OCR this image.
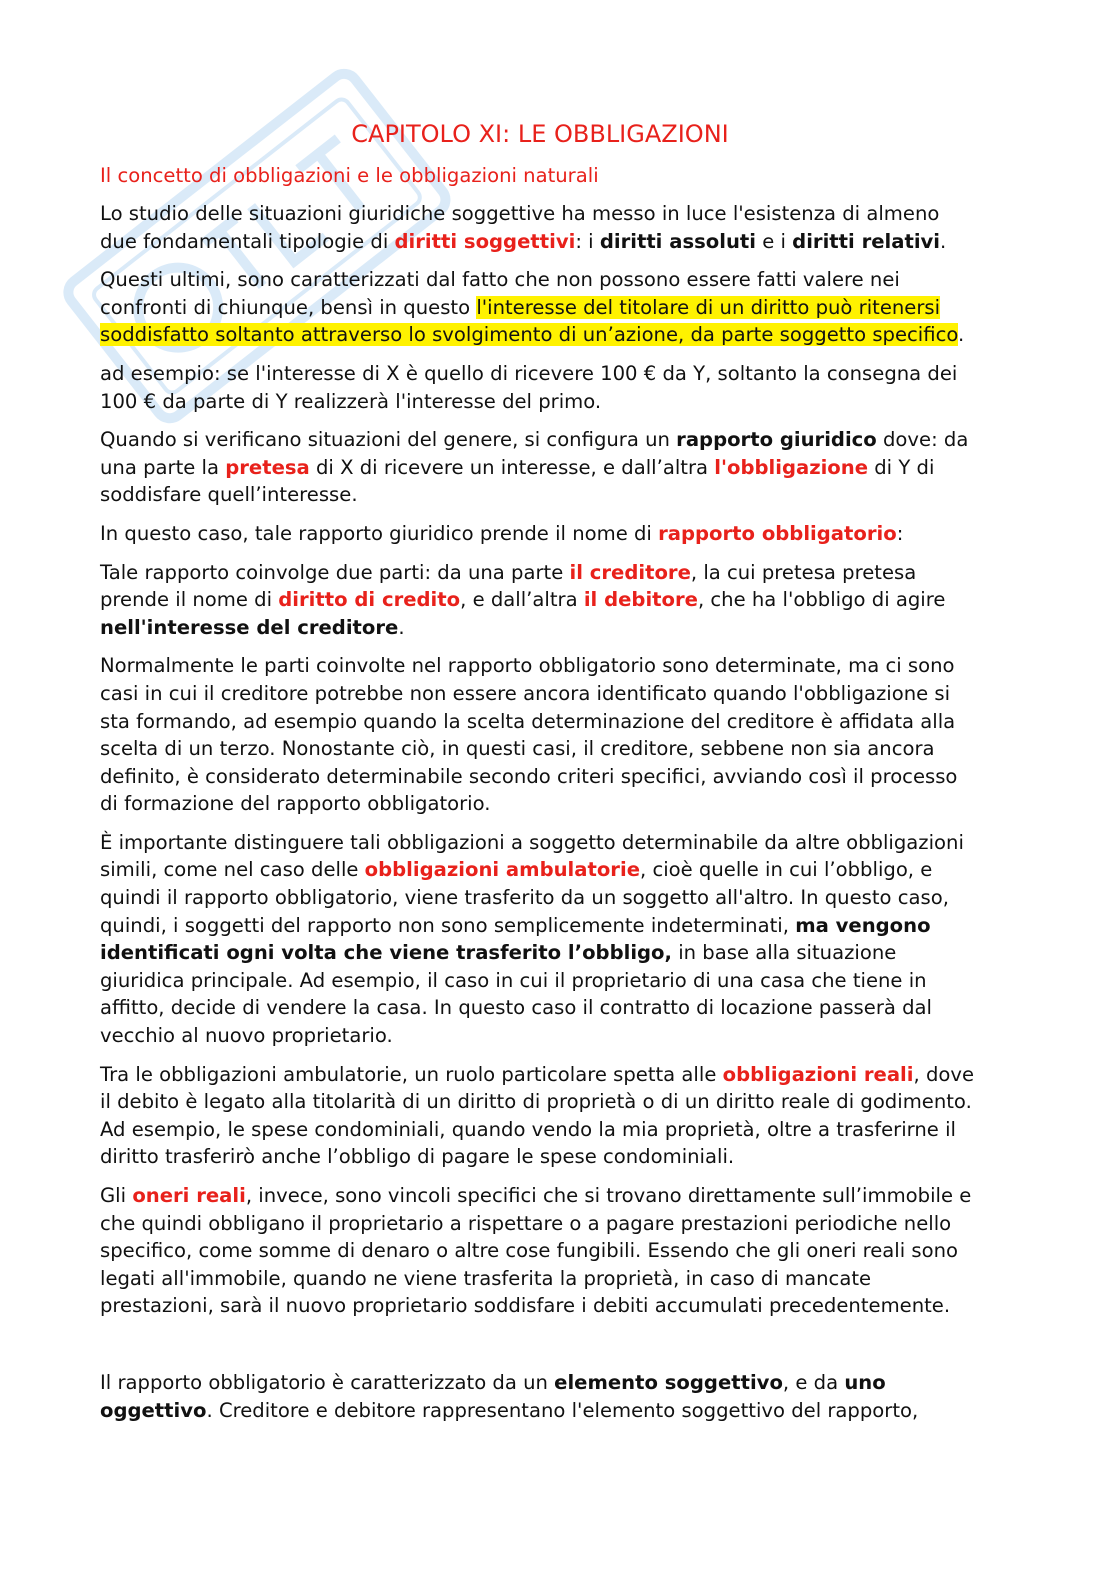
CAPITOLO XI: LE OBBLIGAZIONI
Il concetto di obbligazioni e le obbligazioni naturali

Lo studio delle situazioni giuridiche soggettive ha messo in luce l'esistenza di almeno due fondamentali tipologie di diritti soggettivi: i diritti assoluti e i diritti relativi.

Questi ultimi, sono caratterizzati dal fatto che non possono essere fatti valere nei confronti di chiunque, bensì in questo l'interesse del titolare di un diritto può ritenersi soddisfatto soltanto attraverso lo svolgimento di un’azione, da parte soggetto specifico.

ad esempio: se l'interesse di X è quello di ricevere 100 € da Y, soltanto la consegna dei 100 € da parte di Y realizzerà l'interesse del primo.

Quando si verificano situazioni del genere, si configura un rapporto giuridico dove: da una parte la pretesa di X di ricevere un interesse, e dall’altra l'obbligazione di Y di soddisfare quell’interesse.

In questo caso, tale rapporto giuridico prende il nome di rapporto obbligatorio:

Tale rapporto coinvolge due parti: da una parte il creditore, la cui pretesa pretesa prende il nome di diritto di credito, e dall’altra il debitore, che ha l'obbligo di agire nell'interesse del creditore.

Normalmente le parti coinvolte nel rapporto obbligatorio sono determinate, ma ci sono casi in cui il creditore potrebbe non essere ancora identificato quando l'obbligazione si sta formando, ad esempio quando la scelta determinazione del creditore è affidata alla scelta di un terzo. Nonostante ciò, in questi casi, il creditore, sebbene non sia ancora definito, è considerato determinabile secondo criteri specifici, avviando così il processo di formazione del rapporto obbligatorio.

È importante distinguere tali obbligazioni a soggetto determinabile da altre obbligazioni simili, come nel caso delle obbligazioni ambulatorie, cioè quelle in cui l’obbligo, e quindi il rapporto obbligatorio, viene trasferito da un soggetto all'altro. In questo caso, quindi, i soggetti del rapporto non sono semplicemente indeterminati, ma vengono identificati ogni volta che viene trasferito l’obbligo, in base alla situazione giuridica principale. Ad esempio, il caso in cui il proprietario di una casa che tiene in affitto, decide di vendere la casa. In questo caso il contratto di locazione passerà dal vecchio al nuovo proprietario.

Tra le obbligazioni ambulatorie, un ruolo particolare spetta alle obbligazioni reali, dove il debito è legato alla titolarità di un diritto di proprietà o di un diritto reale di godimento. Ad esempio, le spese condominiali, quando vendo la mia proprietà, oltre a trasferirne il diritto trasferirò anche l’obbligo di pagare le spese condominiali.

Gli oneri reali, invece, sono vincoli specifici che si trovano direttamente sull’immobile e che quindi obbligano il proprietario a rispettare o a pagare prestazioni periodiche nello specifico, come somme di denaro o altre cose fungibili. Essendo che gli oneri reali sono legati all'immobile, quando ne viene trasferita la proprietà, in caso di mancate prestazioni, sarà il nuovo proprietario soddisfare i debiti accumulati precedentemente.

Il rapporto obbligatorio è caratterizzato da un elemento soggettivo, e da uno oggettivo. Creditore e debitore rappresentano l'elemento soggettivo del rapporto,
